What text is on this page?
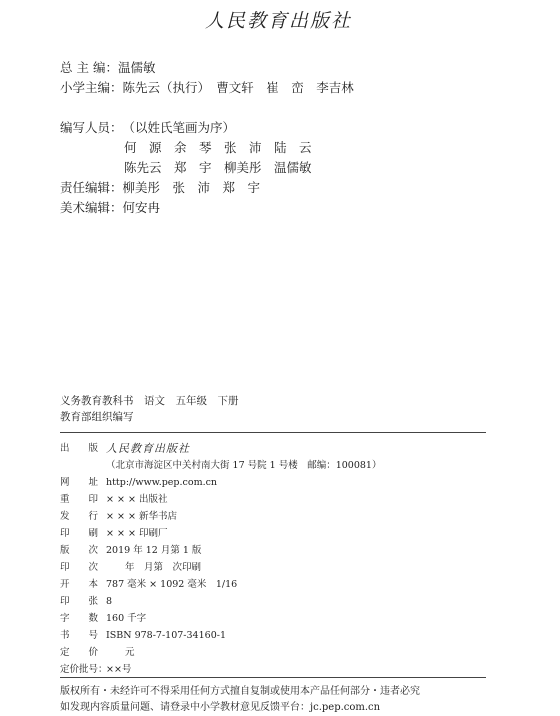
人民教育出版社
总 主 编：温儒敏
小学主编：陈先云（执行）　曹文轩　崔　峦　李吉林
编写人员：（以姓氏笔画为序）
何　源　余　琴　张　沛　陆　云
陈先云　郑　宇　柳美彤　温儒敏
责任编辑：柳美彤　张　沛　郑　宇
美术编辑：何安冉
义务教育教科书　语文　五年级　下册
教育部组织编写
出　　版 人民教育出版社
（北京市海淀区中关村南大街 17 号院 1 号楼　邮编：100081）
网　　址 http://www.pep.com.cn
重　　印 × × × 出版社
发　　行 × × × 新华书店
印　　刷 × × × 印刷厂
版　　次 2019 年 12 月第 1 版
印　　次 　　年　月第　次印刷
开　　本 787 毫米 × 1092 毫米　1/16
印　　张 8
字　　数 160 千字
书　　号 ISBN 978-7-107-34160-1
定　　价 　　元
定价批号：
××号
版权所有・未经许可不得采用任何方式擅自复制或使用本产品任何部分・违者必究
如发现内容质量问题、请登录中小学教材意见反馈平台：jc.pep.com.cn
